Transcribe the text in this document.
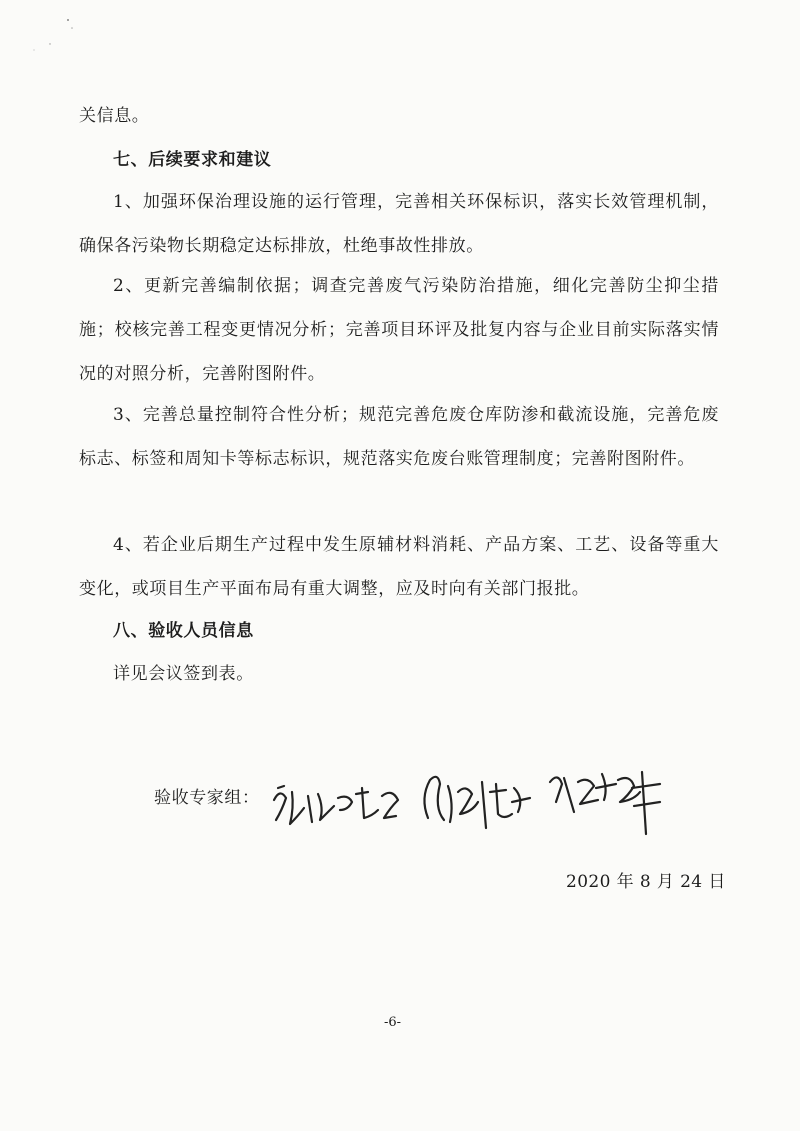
关信息。

七、后续要求和建议

1、加强环保治理设施的运行管理，完善相关环保标识，落实长效管理机制，确保各污染物长期稳定达标排放，杜绝事故性排放。

2、更新完善编制依据；调查完善废气污染防治措施，细化完善防尘抑尘措施；校核完善工程变更情况分析；完善项目环评及批复内容与企业目前实际落实情况的对照分析，完善附图附件。

3、完善总量控制符合性分析；规范完善危废仓库防渗和截流设施，完善危废标志、标签和周知卡等标志标识，规范落实危废台账管理制度；完善附图附件。

4、若企业后期生产过程中发生原辅材料消耗、产品方案、工艺、设备等重大变化，或项目生产平面布局有重大调整，应及时向有关部门报批。

八、验收人员信息

详见会议签到表。

验收专家组：
2020 年 8 月 24 日
-6-
